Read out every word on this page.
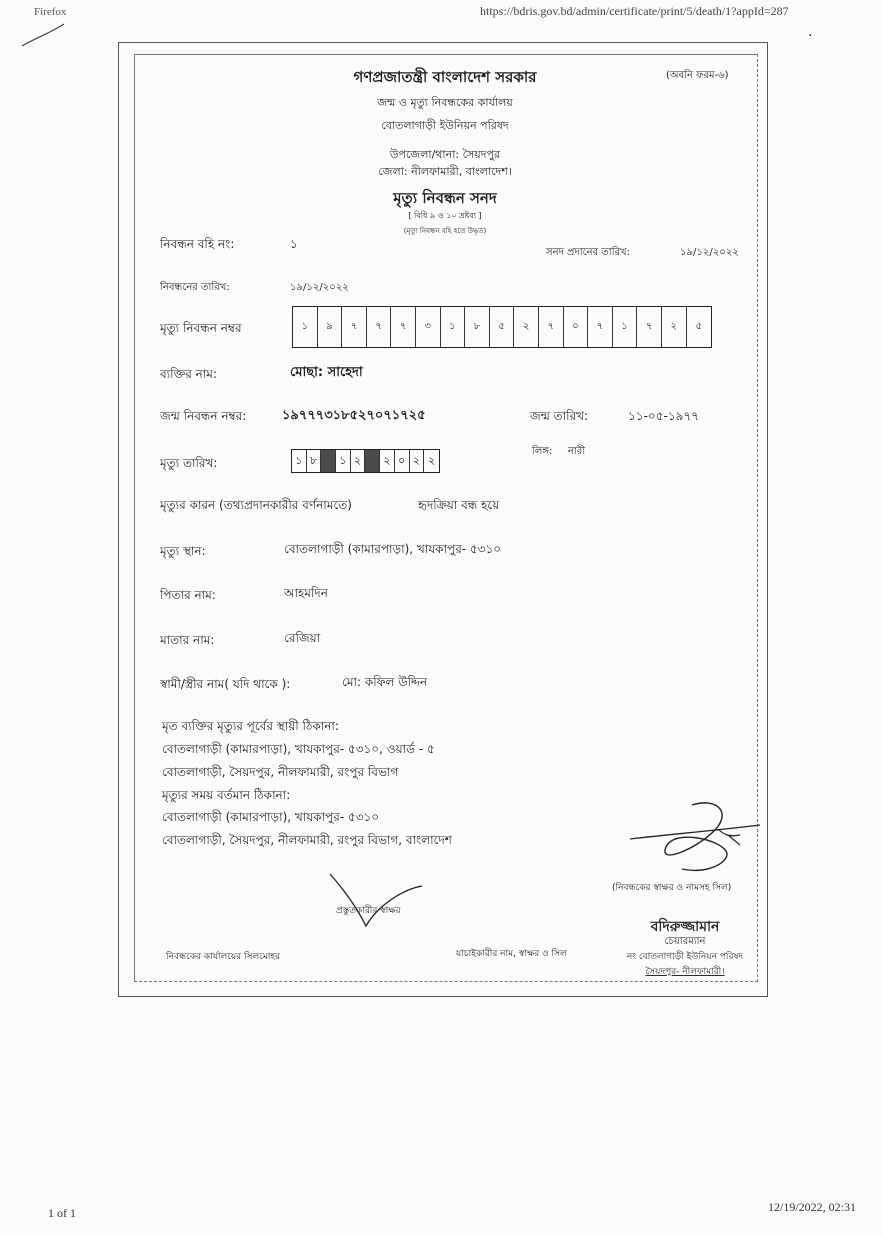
Firefox	https://bdris.gov.bd/admin/certificate/print/5/death/1?appId=287
·
গণপ্রজাতন্ত্রী বাংলাদেশ সরকার	(অবনি ফরম-৬)
জন্ম ও মৃত্যু নিবন্ধকের কার্যালয়
বোতলাগাড়ী ইউনিয়ন পরিষদ
উপজেলা/থানা: সৈয়দপুর
জেলা: নীলফামারী, বাংলাদেশ।
মৃত্যু নিবন্ধন সনদ
[ বিধি ৯ ও ১০ দ্রষ্টব্য ]
(মৃত্যু নিবন্ধন বহি হতে উদ্ধৃত)
নিবন্ধন বহি নং:	১
সনদ প্রদানের তারিখ:	১৯/১২/২০২২
নিবন্ধনের তারিখ:	১৯/১২/২০২২
মৃত্যু নিবন্ধন নম্বর	১	৯	৭	৭	৭	৩	১	৮	৫	২	৭	০	৭	১	৭	২	৫
ব্যক্তির নাম:	মোছা: সাহেদা
জন্ম নিবন্ধন নম্বর:	১৯৭৭৭৩১৮৫২৭০৭১৭২৫	জন্ম তারিখ:	১১-০৫-১৯৭৭
লিঙ্গ: নারী
মৃত্যু তারিখ:	১ ৮	১ ২	২ ০ ২ ২
মৃত্যুর কারন (তথ্যপ্রদানকারীর বর্ণনামতে)	হৃদক্রিয়া বন্ধ হয়ে
মৃত্যু স্থান:	বোতলাগাড়ী (কামারপাড়া), খাযকাপুর- ৫৩১০
পিতার নাম:	আহমদিন
মাতার নাম:	রেজিয়া
স্বামী/স্ত্রীর নাম( যদি থাকে ):	মো: কফিল উদ্দিন
মৃত ব্যক্তির মৃত্যুর পূর্বের স্থায়ী ঠিকানা:
বোতলাগাড়ী (কামারপাড়া), খাযকাপুর- ৫৩১০, ওয়ার্ড - ৫
বোতলাগাড়ী, সৈয়দপুর, নীলফামারী, রংপুর বিভাগ
মৃত্যুর সময় বর্তমান ঠিকানা:
বোতলাগাড়ী (কামারপাড়া), খাযকাপুর- ৫৩১০
বোতলাগাড়ী, সৈয়দপুর, নীলফামারী, রংপুর বিভাগ, বাংলাদেশ
(নিবন্ধকের স্বাক্ষর ও নামসহ সিল)
প্রস্তুতকারীর স্বাক্ষর
নিবন্ধকের কার্যালয়ের সিলমোহর	যাচাইকারীর নাম, স্বাক্ষর ও সিল
বদিরুজ্জামান
চেয়ারম্যান
নং বোতলাগাড়ী ইউনিয়ন পরিষদ
সৈয়দপুর- নীলফামারী।
1 of 1	12/19/2022, 02:31
